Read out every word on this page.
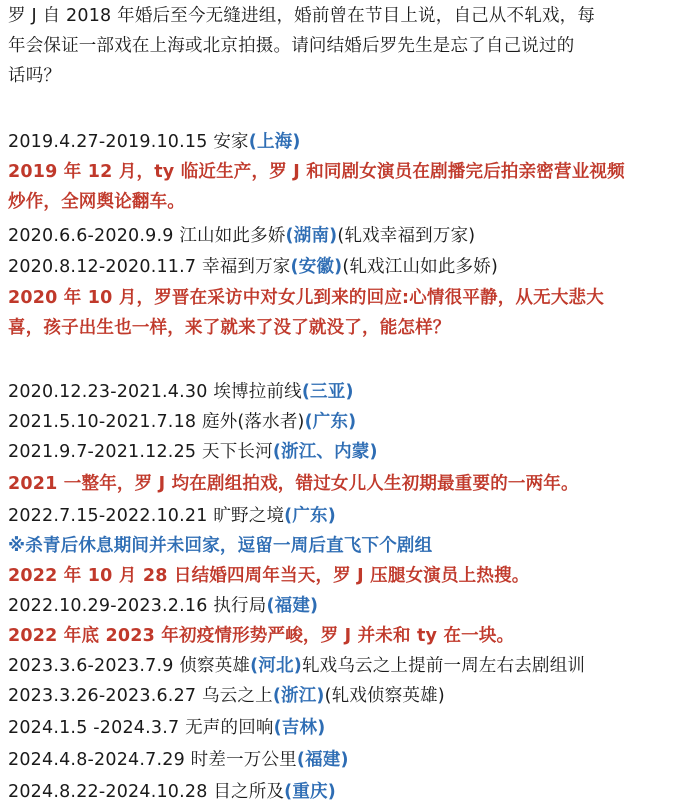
罗 J 自 2018 年婚后至今无缝进组，婚前曾在节目上说，自己从不轧戏，每
年会保证一部戏在上海或北京拍摄。请问结婚后罗先生是忘了自己说过的
话吗？
2019.4.27-2019.10.15 安家(上海)
2019 年 12 月，ty 临近生产，罗 J 和同剧女演员在剧播完后拍亲密营业视频
炒作，全网舆论翻车。
2020.6.6-2020.9.9 江山如此多娇(湖南)(轧戏幸福到万家)
2020.8.12-2020.11.7 幸福到万家(安徽)(轧戏江山如此多娇)
2020 年 10 月，罗晋在采访中对女儿到来的回应:心情很平静，从无大悲大
喜，孩子出生也一样，来了就来了没了就没了，能怎样？
2020.12.23-2021.4.30 埃博拉前线(三亚)
2021.5.10-2021.7.18 庭外(落水者)(广东)
2021.9.7-2021.12.25 天下长河(浙江、内蒙)
2021 一整年，罗 J 均在剧组拍戏，错过女儿人生初期最重要的一两年。
2022.7.15-2022.10.21 旷野之境(广东)
※杀青后休息期间并未回家，逗留一周后直飞下个剧组
2022 年 10 月 28 日结婚四周年当天，罗 J 压腿女演员上热搜。
2022.10.29-2023.2.16 执行局(福建)
2022 年底 2023 年初疫情形势严峻，罗 J 并未和 ty 在一块。
2023.3.6-2023.7.9 侦察英雄(河北)轧戏乌云之上提前一周左右去剧组训
2023.3.26-2023.6.27 乌云之上(浙江)(轧戏侦察英雄)
2024.1.5 -2024.3.7 无声的回响(吉林)
2024.4.8-2024.7.29 时差一万公里(福建)
2024.8.22-2024.10.28 目之所及(重庆)
